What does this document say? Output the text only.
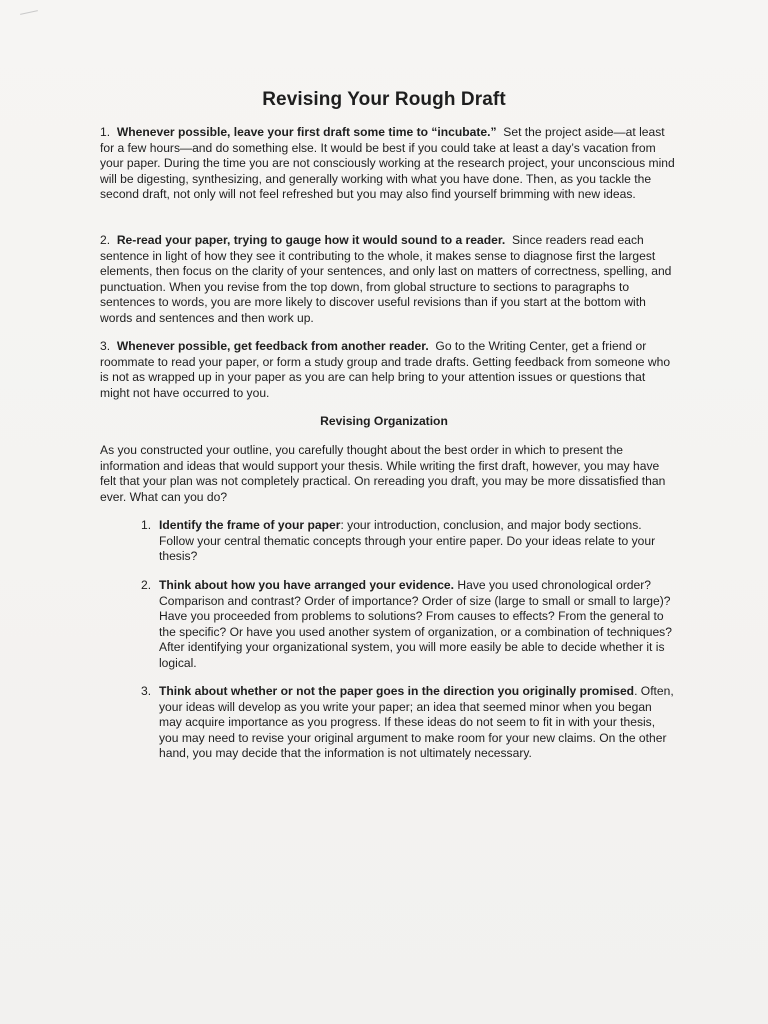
Revising Your Rough Draft

1. Whenever possible, leave your first draft some time to “incubate.” Set the project aside—at least for a few hours—and do something else. It would be best if you could take at least a day’s vacation from your paper. During the time you are not consciously working at the research project, your unconscious mind will be digesting, synthesizing, and generally working with what you have done. Then, as you tackle the second draft, not only will not feel refreshed but you may also find yourself brimming with new ideas.

2. Re-read your paper, trying to gauge how it would sound to a reader. Since readers read each sentence in light of how they see it contributing to the whole, it makes sense to diagnose first the largest elements, then focus on the clarity of your sentences, and only last on matters of correctness, spelling, and punctuation. When you revise from the top down, from global structure to sections to paragraphs to sentences to words, you are more likely to discover useful revisions than if you start at the bottom with words and sentences and then work up.

3. Whenever possible, get feedback from another reader. Go to the Writing Center, get a friend or roommate to read your paper, or form a study group and trade drafts. Getting feedback from someone who is not as wrapped up in your paper as you are can help bring to your attention issues or questions that might not have occurred to you.

Revising Organization

As you constructed your outline, you carefully thought about the best order in which to present the information and ideas that would support your thesis. While writing the first draft, however, you may have felt that your plan was not completely practical. On rereading you draft, you may be more dissatisfied than ever. What can you do?

1. Identify the frame of your paper: your introduction, conclusion, and major body sections. Follow your central thematic concepts through your entire paper. Do your ideas relate to your thesis?
2. Think about how you have arranged your evidence. Have you used chronological order? Comparison and contrast? Order of importance? Order of size (large to small or small to large)? Have you proceeded from problems to solutions? From causes to effects? From the general to the specific? Or have you used another system of organization, or a combination of techniques? After identifying your organizational system, you will more easily be able to decide whether it is logical.
3. Think about whether or not the paper goes in the direction you originally promised. Often, your ideas will develop as you write your paper; an idea that seemed minor when you began may acquire importance as you progress. If these ideas do not seem to fit in with your thesis, you may need to revise your original argument to make room for your new claims. On the other hand, you may decide that the information is not ultimately necessary.
